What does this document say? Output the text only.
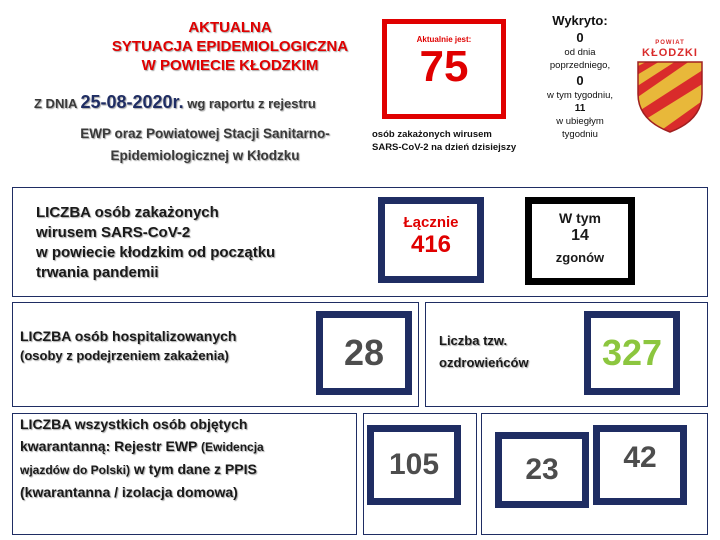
AKTUALNA
SYTUACJA EPIDEMIOLOGICZNA
W POWIECIE KŁODZKIM
Z DNIA 25-08-2020r. wg raportu z rejestru
EWP oraz Powiatowej Stacji Sanitarno-
Epidemiologicznej w Kłodzku
Aktualnie jest:
75
osób zakażonych wirusem
SARS-CoV-2 na dzień dzisiejszy
Wykryto:
0
od dnia
poprzedniego,
0
w tym tygodniu,
11
w ubiegłym
tygodniu
POWIAT
KŁODZKI
LICZBA osób zakażonych
wirusem SARS-CoV-2
w powiecie kłodzkim od początku
trwania pandemii
Łącznie
416
W tym
14
zgonów
LICZBA osób hospitalizowanych
(osoby z podejrzeniem zakażenia)	28	Liczba tzw.
ozdrowieńców	327
LICZBA wszystkich osób objętych
kwarantanną: Rejestr EWP (Ewidencja
wjazdów do Polski) w tym dane z PPIS
(kwarantanna / izolacja domowa)
105	23	42
